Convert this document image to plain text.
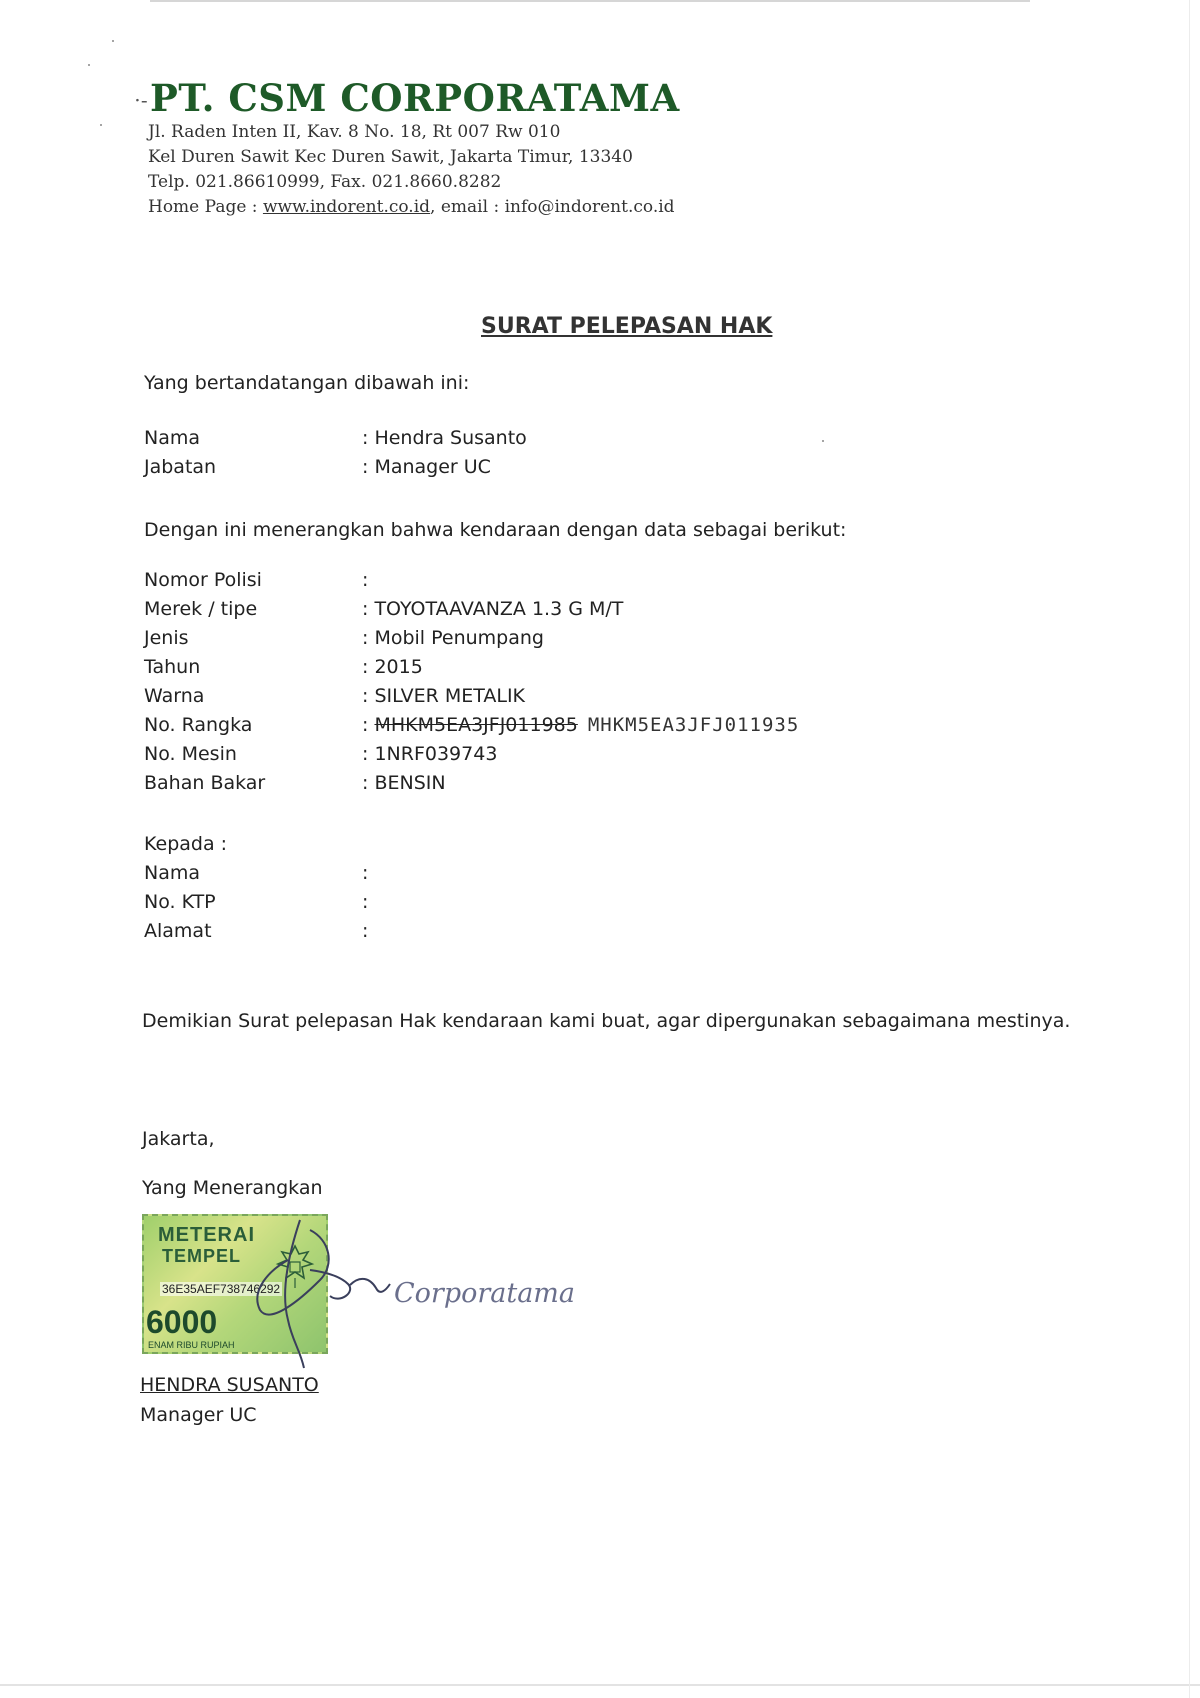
⋅- PT. CSM CORPORATAMA
Jl. Raden Inten II, Kav. 8 No. 18, Rt 007 Rw 010
Kel Duren Sawit Kec Duren Sawit, Jakarta Timur, 13340
Telp. 021.86610999, Fax. 021.8660.8282
Home Page : www.indorent.co.id, email : info@indorent.co.id
SURAT PELEPASAN HAK
Yang bertandatangan dibawah ini:
Nama	: Hendra Susanto
Jabatan	: Manager UC
Dengan ini menerangkan bahwa kendaraan dengan data sebagai berikut:
Nomor Polisi	:
Merek / tipe	: TOYOTAAVANZA 1.3 G M/T
Jenis	: Mobil Penumpang
Tahun	: 2015
Warna	: SILVER METALIK
No. Rangka	: MHKM5EA3JFJ011985 MHKM5EA3JFJ011935
No. Mesin	: 1NRF039743
Bahan Bakar	: BENSIN
Kepada :
Nama	:
No. KTP	:
Alamat	:
Demikian Surat pelepasan Hak kendaraan kami buat, agar dipergunakan sebagaimana mestinya.
Jakarta,
Yang Menerangkan
METERAI
TEMPEL
36E35AEF738746292
6000
ENAM RIBU RUPIAH
Corporatama
HENDRA SUSANTO
Manager UC
